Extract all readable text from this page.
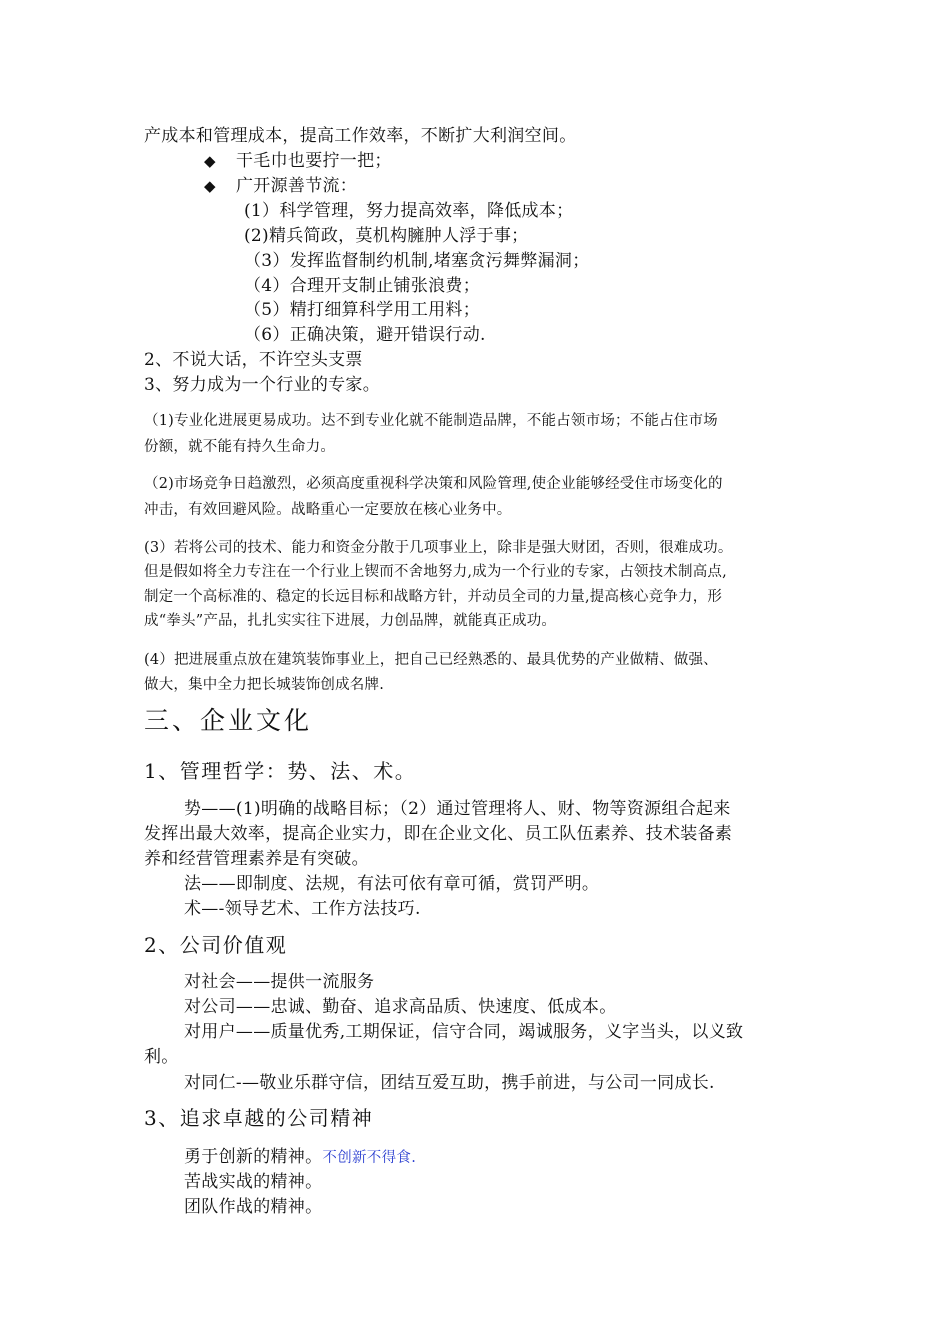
产成本和管理成本，提高工作效率，不断扩大利润空间。
◆ 干毛巾也要拧一把；
◆ 广开源善节流：
(1）科学管理，努力提高效率，降低成本；
(2)精兵简政，莫机构臃肿人浮于事；
（3）发挥监督制约机制,堵塞贪污舞弊漏洞；
（4）合理开支制止铺张浪费；
（5）精打细算科学用工用料；
（6）正确决策，避开错误行动.
2、不说大话，不许空头支票
3、努力成为一个行业的专家。
（1)专业化进展更易成功。达不到专业化就不能制造品牌，不能占领市场；不能占住市场
份额，就不能有持久生命力。
（2)市场竞争日趋激烈，必须高度重视科学决策和风险管理,使企业能够经受住市场变化的
冲击，有效回避风险。战略重心一定要放在核心业务中。
(3）若将公司的技术、能力和资金分散于几项事业上，除非是强大财团，否则，很难成功。
但是假如将全力专注在一个行业上锲而不舍地努力,成为一个行业的专家，占领技术制高点,
制定一个高标准的、稳定的长远目标和战略方针，并动员全司的力量,提高核心竞争力，形
成“拳头”产品，扎扎实实往下进展，力创品牌，就能真正成功。
(4）把进展重点放在建筑装饰事业上，把自己已经熟悉的、最具优势的产业做精、做强、
做大，集中全力把长城装饰创成名牌.
三、企业文化
1、管理哲学：势、法、术。
势——(1)明确的战略目标；（2）通过管理将人、财、物等资源组合起来
发挥出最大效率，提高企业实力，即在企业文化、员工队伍素养、技术装备素
养和经营管理素养是有突破。
法——即制度、法规，有法可依有章可循，赏罚严明。
术—-领导艺术、工作方法技巧.
2、公司价值观
对社会——提供一流服务
对公司——忠诚、勤奋、追求高品质、快速度、低成本。
对用户——质量优秀,工期保证，信守合同，竭诚服务，义字当头，以义致
利。
对同仁-—敬业乐群守信，团结互爱互助，携手前进，与公司一同成长.
3、追求卓越的公司精神
勇于创新的精神。不创新不得食.
苦战实战的精神。
团队作战的精神。
